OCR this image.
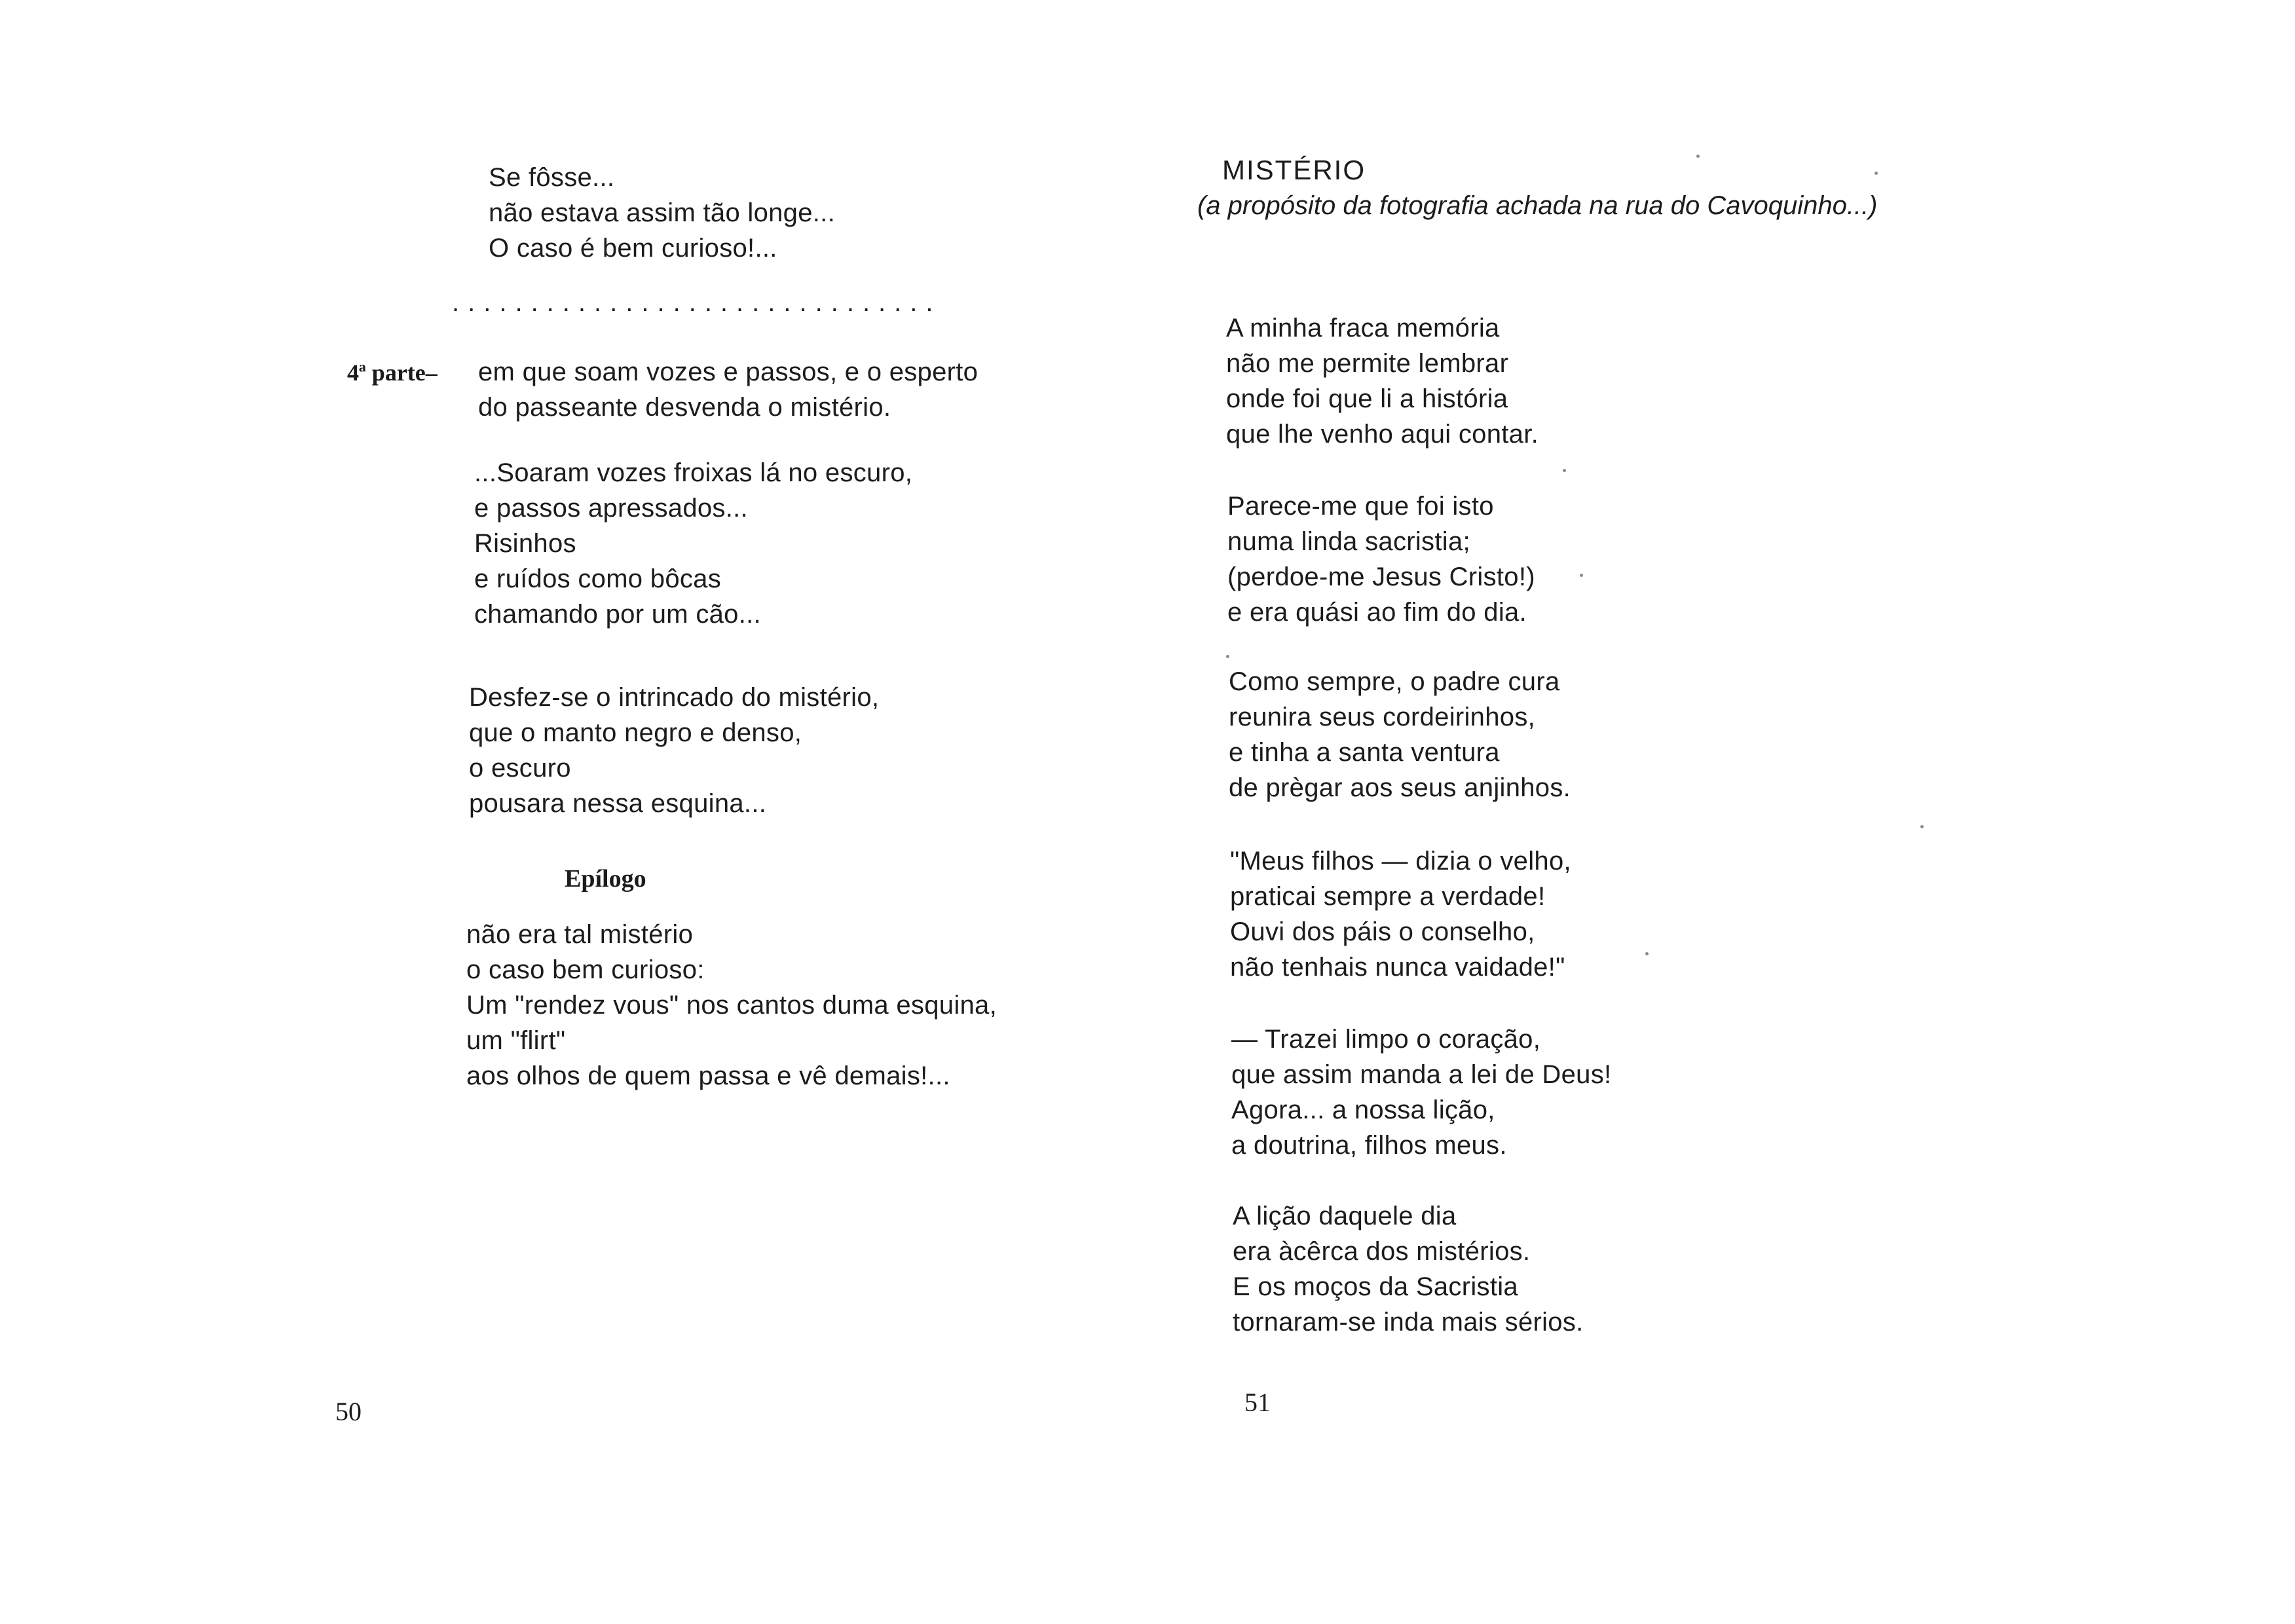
Se fôsse...
não estava assim tão longe...
O caso é bem curioso!...
...............................
4ª parte– em que soam vozes e passos, e o esperto
do passeante desvenda o mistério.
...Soaram vozes froixas lá no escuro,
e passos apressados...
Risinhos
e ruídos como bôcas
chamando por um cão...
Desfez-se o intrincado do mistério,
que o manto negro e denso,
o escuro
pousara nessa esquina...
Epílogo
não era tal mistério
o caso bem curioso:
Um "rendez vous" nos cantos duma esquina,
um "flirt"
aos olhos de quem passa e vê demais!...
50
MISTÉRIO
(a propósito da fotografia achada na rua do Cavoquinho...)
A minha fraca memória
não me permite lembrar
onde foi que li a história
que lhe venho aqui contar.
Parece-me que foi isto
numa linda sacristia;
(perdoe-me Jesus Cristo!)
e era quási ao fim do dia.
Como sempre, o padre cura
reunira seus cordeirinhos,
e tinha a santa ventura
de prègar aos seus anjinhos.
"Meus filhos — dizia o velho,
praticai sempre a verdade!
Ouvi dos páis o conselho,
não tenhais nunca vaidade!"
— Trazei limpo o coração,
que assim manda a lei de Deus!
Agora... a nossa lição,
a doutrina, filhos meus.
A lição daquele dia
era àcêrca dos mistérios.
E os moços da Sacristia
tornaram-se inda mais sérios.
51
